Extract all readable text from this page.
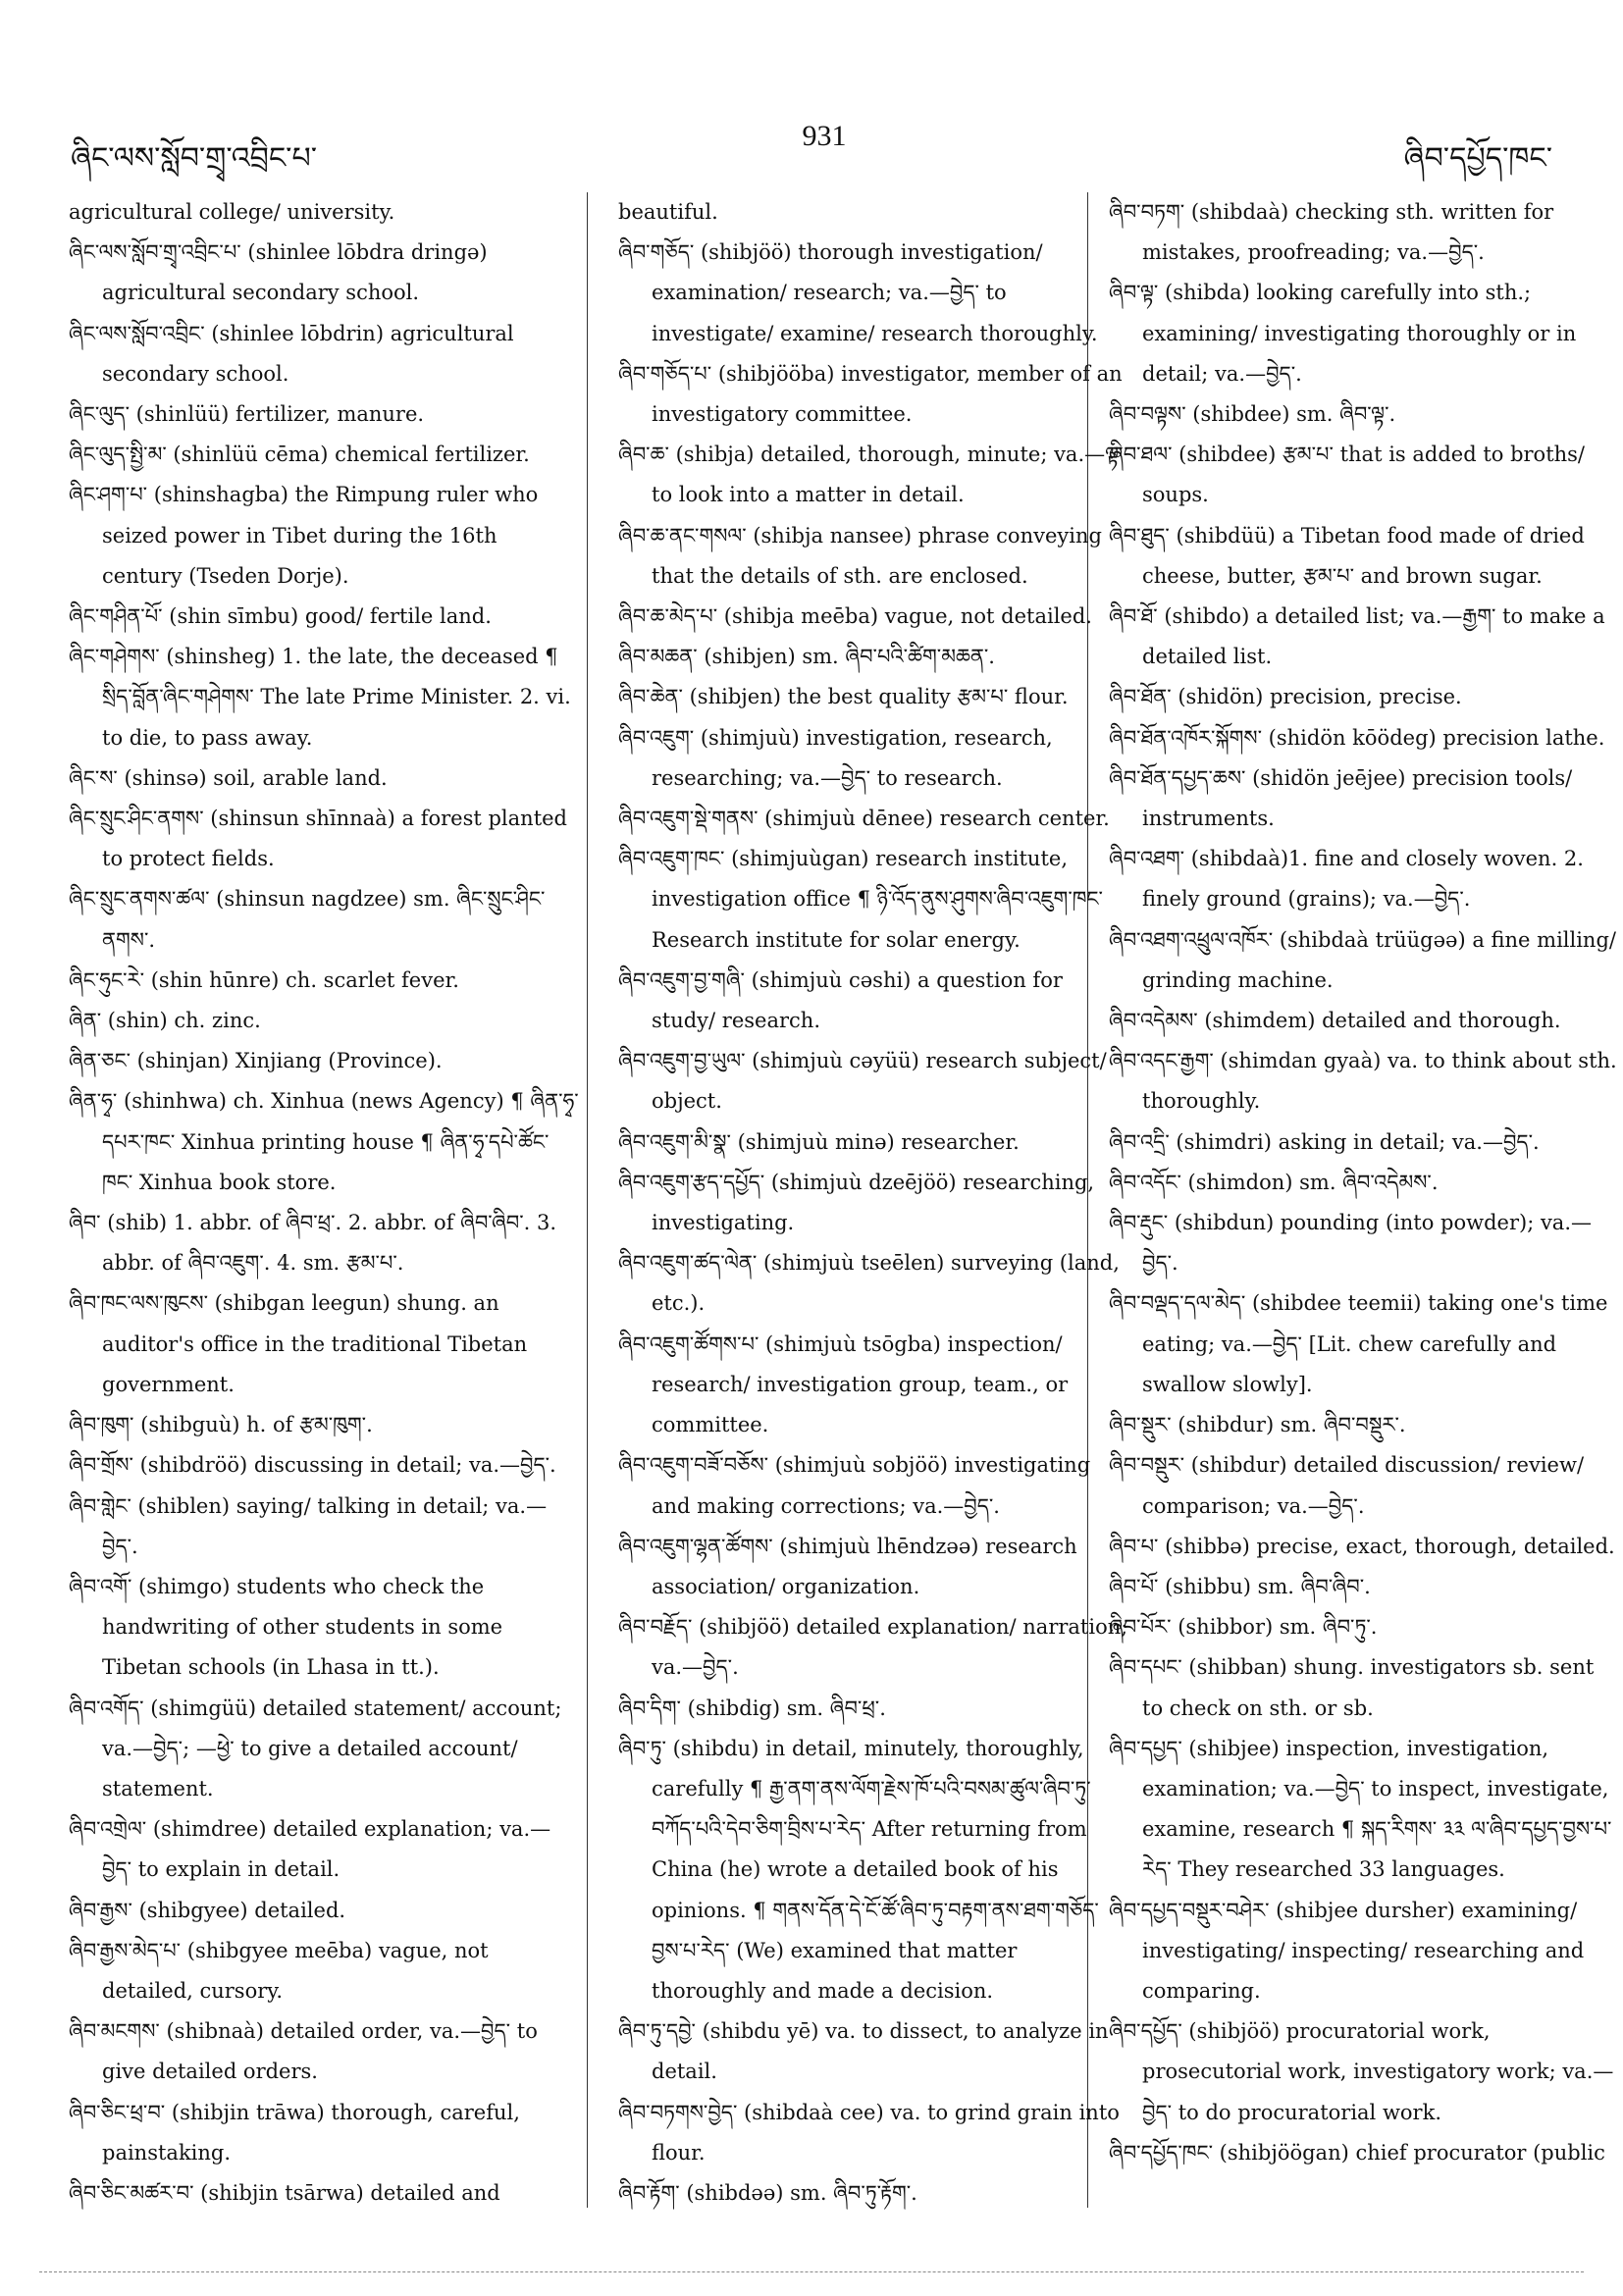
ཞིང་ལས་སློབ་གྲྭ་འབྲིང་པ་
931
ཞིབ་དཔྱོད་ཁང་

agricultural college/ university.

ཞིང་ལས་སློབ་གྲྭ་འབྲིང་པ་ (shinlee lōbdra dringə) agricultural secondary school.

ཞིང་ལས་སློབ་འབྲིང་ (shinlee lōbdrin) agricultural secondary school.

ཞིང་ལུད་ (shinlüü) fertilizer, manure.

ཞིང་ལུད་སྤྱི་མ་ (shinlüü cēma) chemical fertilizer.

ཞིང་ཤག་པ་ (shinshagba) the Rimpung ruler who seized power in Tibet during the 16th century (Tseden Dorje).

ཞིང་གཤིན་པོ་ (shin sīmbu) good/ fertile land.

ཞིང་གཤེགས་ (shinsheg) 1. the late, the deceased ¶ སྲིད་བློན་ཞིང་གཤེགས་ The late Prime Minister. 2. vi. to die, to pass away.

ཞིང་ས་ (shinsə) soil, arable land.

ཞིང་སྲུང་ཤིང་ནགས་ (shinsun shīnnaà) a forest planted to protect fields.

ཞིང་སྲུང་ནགས་ཚལ་ (shinsun nagdzee) sm. ཞིང་སྲུང་ཤིང་ནགས་.

ཞིང་ཧུང་རེ་ (shin hūnre) ch. scarlet fever.

ཞིན་ (shin) ch. zinc.

ཞིན་ཅང་ (shinjan) Xinjiang (Province).

ཞིན་ཧྭ་ (shinhwa) ch. Xinhua (news Agency) ¶ ཞིན་ཧྭ་དཔར་ཁང་ Xinhua printing house ¶ ཞིན་ཧྭ་དཔེ་ཚོང་ཁང་ Xinhua book store.

ཞིབ་ (shib) 1. abbr. of ཞིབ་ཕྲ་. 2. abbr. of ཞིབ་ཞིབ་. 3. abbr. of ཞིབ་འཇུག་. 4. sm. རྩམ་པ་.

ཞིབ་ཁང་ལས་ཁུངས་ (shibgan leegun) shung. an auditor's office in the traditional Tibetan government.

ཞིབ་ཁུག་ (shibguù) h. of རྩམ་ཁུག་.

ཞིབ་གྲོས་ (shibdröö) discussing in detail; va.—བྱེད་.

ཞིབ་གླེང་ (shiblen) saying/ talking in detail; va.—བྱེད་.

ཞིབ་འགོ་ (shimgo) students who check the handwriting of other students in some Tibetan schools (in Lhasa in tt.).

ཞིབ་འགོད་ (shimgüü) detailed statement/ account; va.—བྱེད་; —ཕྱེ་ to give a detailed account/ statement.

ཞིབ་འགྲེལ་ (shimdree) detailed explanation; va.—བྱེད་ to explain in detail.

ཞིབ་རྒྱས་ (shibgyee) detailed.

ཞིབ་རྒྱས་མེད་པ་ (shibgyee meēba) vague, not detailed, cursory.

ཞིབ་མངགས་ (shibnaà) detailed order, va.—བྱེད་ to give detailed orders.

ཞིབ་ཅིང་ཕྲ་བ་ (shibjin trāwa) thorough, careful, painstaking.

ཞིབ་ཅིང་མཚར་བ་ (shibjin tsārwa) detailed and

beautiful.

ཞིབ་གཅོད་ (shibjöö) thorough investigation/ examination/ research; va.—བྱེད་ to investigate/ examine/ research thoroughly.

ཞིབ་གཅོད་པ་ (shibjööba) investigator, member of an investigatory committee.

ཞིབ་ཆ་ (shibja) detailed, thorough, minute; va.—ལྟ་ to look into a matter in detail.

ཞིབ་ཆ་ནང་གསལ་ (shibja nansee) phrase conveying that the details of sth. are enclosed.

ཞིབ་ཆ་མེད་པ་ (shibja meēba) vague, not detailed.

ཞིབ་མཆན་ (shibjen) sm. ཞིབ་པའི་ཚིག་མཆན་.

ཞིབ་ཆེན་ (shibjen) the best quality རྩམ་པ་ flour.

ཞིབ་འཇུག་ (shimjuù) investigation, research, researching; va.—བྱེད་ to research.

ཞིབ་འཇུག་སྡེ་གནས་ (shimjuù dēnee) research center.

ཞིབ་འཇུག་ཁང་ (shimjuùgan) research institute, investigation office ¶ ཉི་འོད་ནུས་ཤུགས་ཞིབ་འཇུག་ཁང་ Research institute for solar energy.

ཞིབ་འཇུག་བྱ་གཞི་ (shimjuù cəshi) a question for study/ research.

ཞིབ་འཇུག་བྱ་ཡུལ་ (shimjuù cəyüü) research subject/ object.

ཞིབ་འཇུག་མི་སྣ་ (shimjuù minə) researcher.

ཞིབ་འཇུག་རྩད་དཔྱོད་ (shimjuù dzeējöö) researching, investigating.

ཞིབ་འཇུག་ཚད་ལེན་ (shimjuù tseēlen) surveying (land, etc.).

ཞིབ་འཇུག་ཚོགས་པ་ (shimjuù tsōgba) inspection/ research/ investigation group, team., or committee.

ཞིབ་འཇུག་བཟོ་བཅོས་ (shimjuù sobjöö) investigating and making corrections; va.—བྱེད་.

ཞིབ་འཇུག་ལྷན་ཚོགས་ (shimjuù lhēndzəə) research association/ organization.

ཞིབ་བརྗོད་ (shibjöö) detailed explanation/ narration; va.—བྱེད་.

ཞིབ་དིག་ (shibdig) sm. ཞིབ་ཕྲ་.

ཞིབ་ཏུ་ (shibdu) in detail, minutely, thoroughly, carefully ¶ རྒྱ་ནག་ནས་ལོག་རྗེས་ཁོ་པའི་བསམ་ཚུལ་ཞིབ་ཏུ་བཀོད་པའི་དེབ་ཅིག་བྲིས་པ་རེད་ After returning from China (he) wrote a detailed book of his opinions. ¶ གནས་དོན་དེ་ངོ་ཚོ་ཞིབ་ཏུ་བརྟག་ནས་ཐག་གཅོད་བྱས་པ་རེད་ (We) examined that matter thoroughly and made a decision.

ཞིབ་ཏུ་དབྱེ་ (shibdu yē) va. to dissect, to analyze in detail.

ཞིབ་བཏགས་བྱེད་ (shibdaà cee) va. to grind grain into flour.

ཞིབ་རྟོག་ (shibdəə) sm. ཞིབ་ཏུ་རྟོག་.

ཞིབ་བཏག་ (shibdaà) checking sth. written for mistakes, proofreading; va.—བྱེད་.

ཞིབ་ལྟ་ (shibda) looking carefully into sth.; examining/ investigating thoroughly or in detail; va.—བྱེད་.

ཞིབ་བལྟས་ (shibdee) sm. ཞིབ་ལྟ་.

ཞིབ་ཐལ་ (shibdee) རྩམ་པ་ that is added to broths/ soups.

ཞིབ་ཐུད་ (shibdüü) a Tibetan food made of dried cheese, butter, རྩམ་པ་ and brown sugar.

ཞིབ་ཐོ་ (shibdo) a detailed list; va.—རྒྱག་ to make a detailed list.

ཞིབ་ཐོན་ (shidön) precision, precise.

ཞིབ་ཐོན་འཁོར་སྐོགས་ (shidön kōödeg) precision lathe.

ཞིབ་ཐོན་དཔྱད་ཆས་ (shidön jeējee) precision tools/ instruments.

ཞིབ་འཐག་ (shibdaà)1. fine and closely woven. 2. finely ground (grains); va.—བྱེད་.

ཞིབ་འཐག་འཕྲུལ་འཁོར་ (shibdaà trüügəə) a fine milling/ grinding machine.

ཞིབ་འདེམས་ (shimdem) detailed and thorough.

ཞིབ་འདང་རྒྱག་ (shimdan gyaà) va. to think about sth. thoroughly.

ཞིབ་འདྲི་ (shimdri) asking in detail; va.—བྱེད་.

ཞིབ་འདོང་ (shimdon) sm. ཞིབ་འདེམས་.

ཞིབ་རྡུང་ (shibdun) pounding (into powder); va.—བྱེད་.

ཞིབ་བལྡད་དལ་མེད་ (shibdee teemii) taking one's time eating; va.—བྱེད་ [Lit. chew carefully and swallow slowly].

ཞིབ་སྡུར་ (shibdur) sm. ཞིབ་བསྡུར་.

ཞིབ་བསྡུར་ (shibdur) detailed discussion/ review/ comparison; va.—བྱེད་.

ཞིབ་པ་ (shibbə) precise, exact, thorough, detailed.

ཞིབ་པོ་ (shibbu) sm. ཞིབ་ཞིབ་.

ཞིབ་པོར་ (shibbor) sm. ཞིབ་ཏུ་.

ཞིབ་དཔང་ (shibban) shung. investigators sb. sent to check on sth. or sb.

ཞིབ་དཔྱད་ (shibjee) inspection, investigation, examination; va.—བྱེད་ to inspect, investigate, examine, research ¶ སྐད་རིགས་ ༣༣ ལ་ཞིབ་དཔྱད་བྱས་པ་རེད་ They researched 33 languages.

ཞིབ་དཔྱད་བསྡུར་བཤེར་ (shibjee dursher) examining/ investigating/ inspecting/ researching and comparing.

ཞིབ་དཔྱོད་ (shibjöö) procuratorial work, prosecutorial work, investigatory work; va.—བྱེད་ to do procuratorial work.

ཞིབ་དཔྱོད་ཁང་ (shibjöögan) chief procurator (public
